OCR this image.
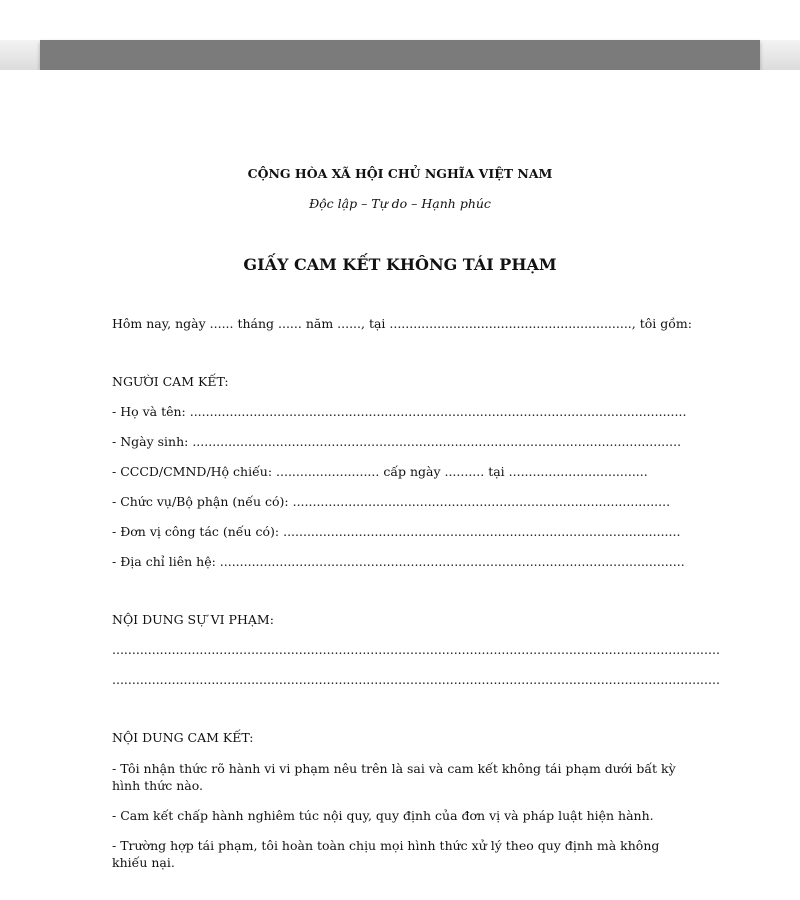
CỘNG HÒA XÃ HỘI CHỦ NGHĨA VIỆT NAM
Độc lập – Tự do – Hạnh phúc
GIẤY CAM KẾT KHÔNG TÁI PHẠM
Hôm nay, ngày ...... tháng ...... năm ......, tại ............................................................., tôi gồm:
NGƯỜI CAM KẾT:
- Họ và tên: .............................................................................................................................
- Ngày sinh: ...........................................................................................................................
- CCCD/CMND/Hộ chiếu: .......................... cấp ngày .......... tại ...................................
- Chức vụ/Bộ phận (nếu có): ...............................................................................................
- Đơn vị công tác (nếu có): ....................................................................................................
- Địa chỉ liên hệ: .....................................................................................................................
NỘI DUNG SỰ VI PHẠM:
.........................................................................................................................................................
.........................................................................................................................................................
NỘI DUNG CAM KẾT:
- Tôi nhận thức rõ hành vi vi phạm nêu trên là sai và cam kết không tái phạm dưới bất kỳ hình thức nào.
- Cam kết chấp hành nghiêm túc nội quy, quy định của đơn vị và pháp luật hiện hành.
- Trường hợp tái phạm, tôi hoàn toàn chịu mọi hình thức xử lý theo quy định mà không khiếu nại.
